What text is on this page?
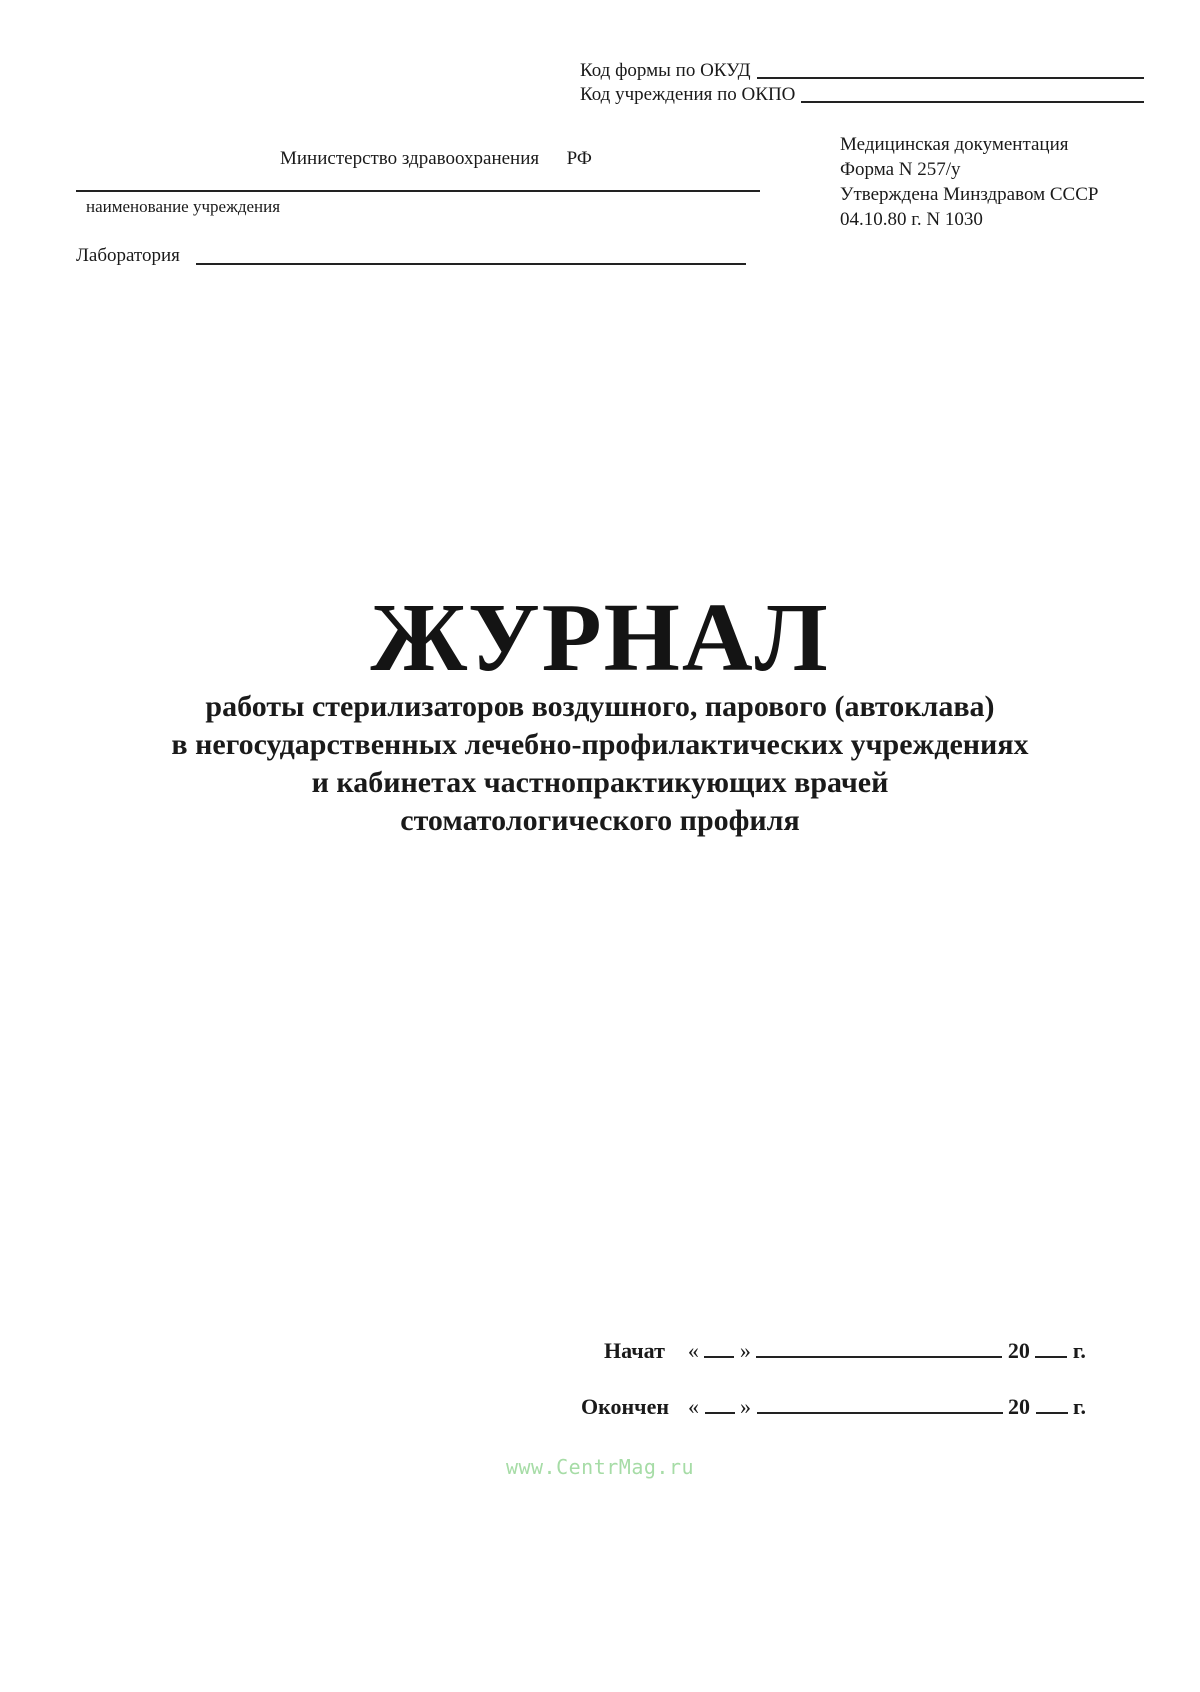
Код формы по ОКУД
Код учреждения по ОКПО
Министерство здравоохранения РФ
наименование учреждения
Лаборатория
Медицинская документация
Форма N 257/у
Утверждена Минздравом СССР
04.10.80 г. N 1030
ЖУРНАЛ
работы стерилизаторов воздушного, парового (автоклава)
в негосударственных лечебно-профилактических учреждениях
и кабинетах частнопрактикующих врачей
стоматологического профиля
Начат « »	20 г.
Окончен « »	20 г.
www.CentrMag.ru
